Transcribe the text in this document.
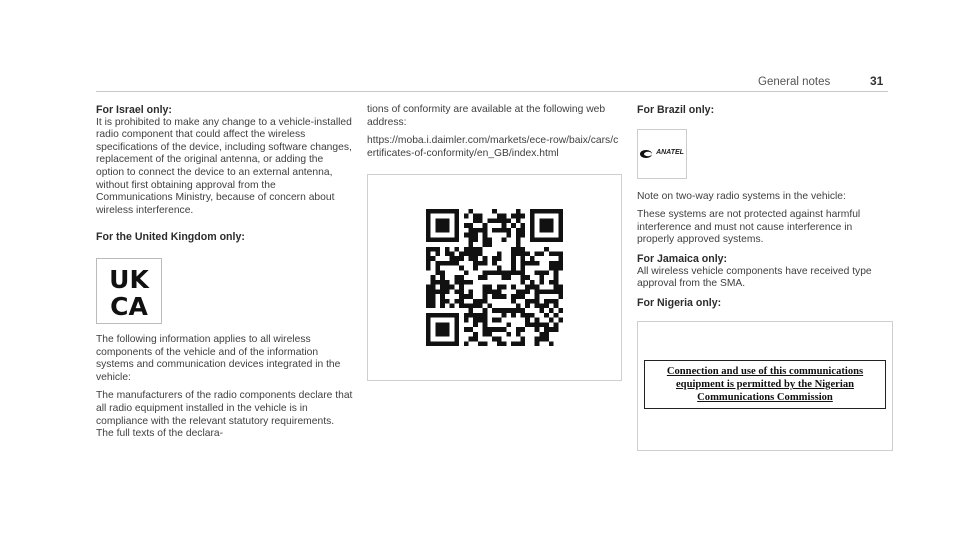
General notes	31
For Israel only:

It is prohibited to make any change to a vehicle-installed radio component that could affect the wireless specifications of the device, including software changes, replacement of the original antenna, or adding the option to connect the device to an external antenna, without first obtaining approval from the Communications Ministry, because of concern about wireless interference.

For the United Kingdom only:
UK
CA

The following information applies to all wireless components of the vehicle and of the information systems and communication devices integrated in the vehicle:

The manufacturers of the radio components declare that all radio equipment installed in the vehicle is in compliance with the relevant statutory requirements. The full texts of the declara-

tions of conformity are available at the following web address:

https://moba.i.daimler.com/markets/ece-row/baix/cars/certificates-of-conformity/en_GB/index.html

For Brazil only:
ANATEL

Note on two-way radio systems in the vehicle:

These systems are not protected against harmful interference and must not cause interference in properly approved systems.

For Jamaica only:

All wireless vehicle components have received type approval from the SMA.

For Nigeria only:
Connection and use of this communications
equipment is permitted by the Nigerian
Communications Commission
